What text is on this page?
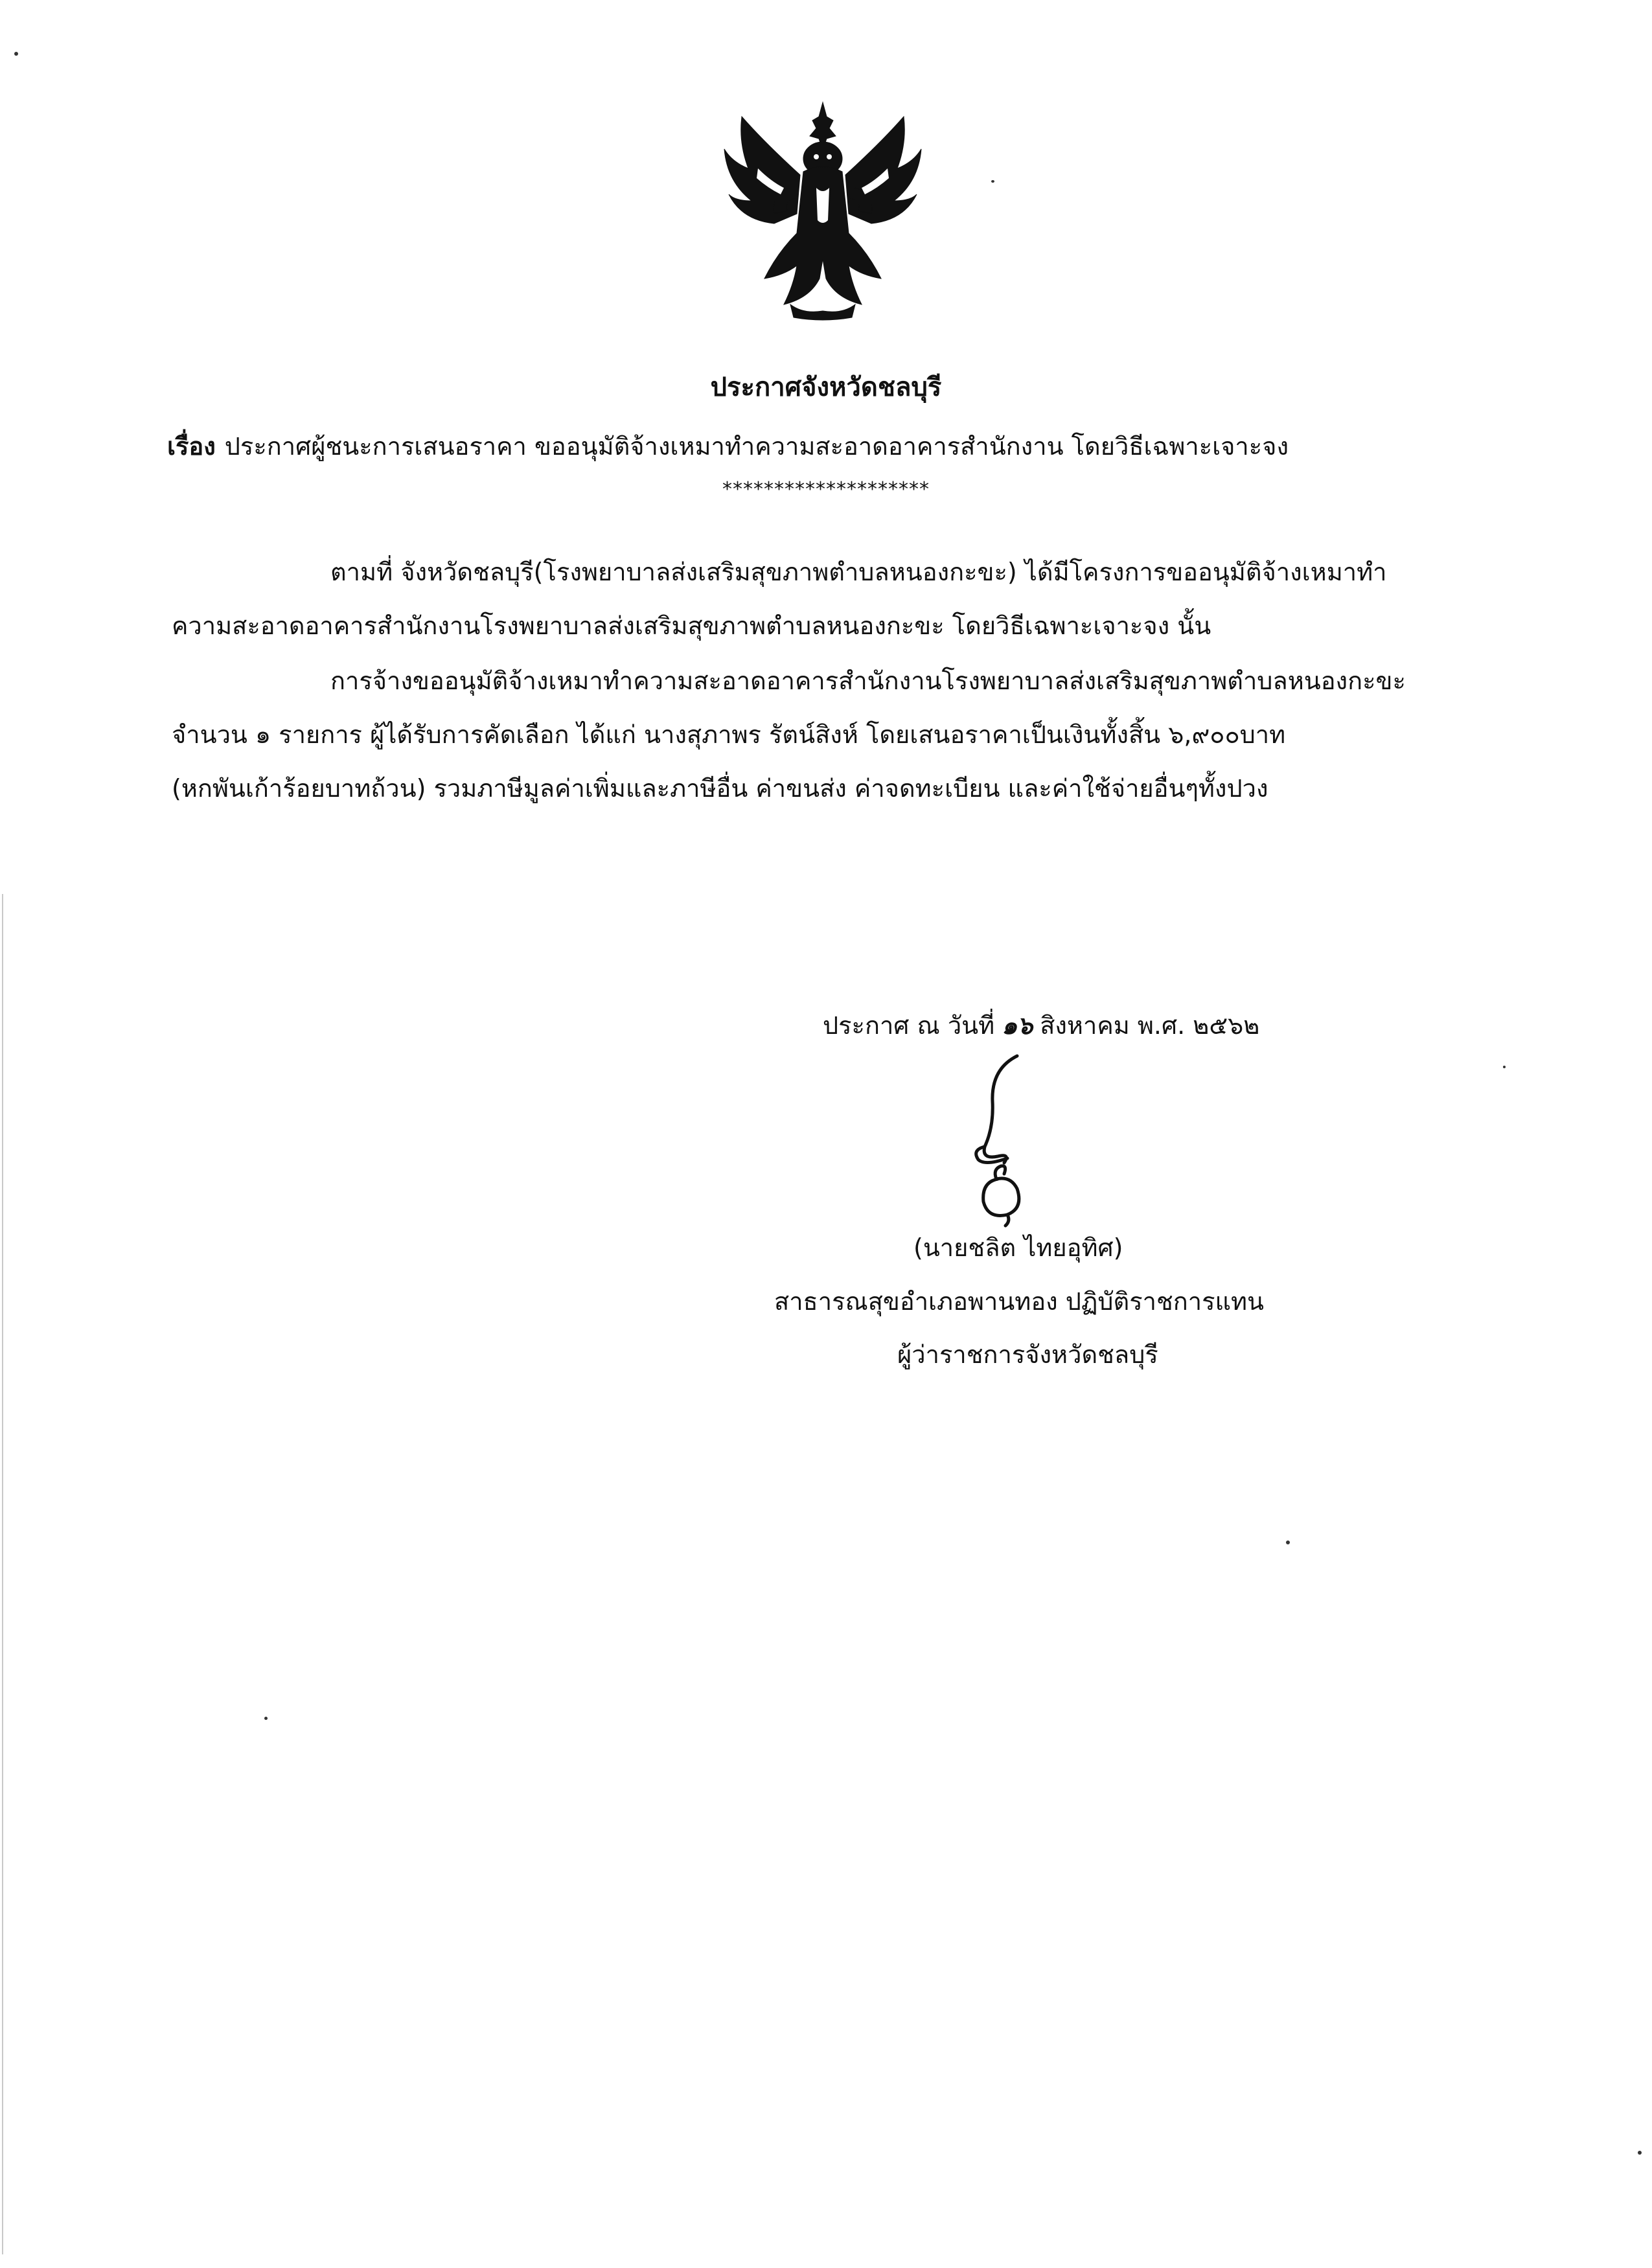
ประกาศจังหวัดชลบุรี
เรื่อง ประกาศผู้ชนะการเสนอราคา ขออนุมัติจ้างเหมาทำความสะอาดอาคารสำนักงาน โดยวิธีเฉพาะเจาะจง
********************
ตามที่ จังหวัดชลบุรี(โรงพยาบาลส่งเสริมสุขภาพตำบลหนองกะขะ) ได้มีโครงการขออนุมัติจ้างเหมาทำ
ความสะอาดอาคารสำนักงานโรงพยาบาลส่งเสริมสุขภาพตำบลหนองกะขะ โดยวิธีเฉพาะเจาะจง นั้น
การจ้างขออนุมัติจ้างเหมาทำความสะอาดอาคารสำนักงานโรงพยาบาลส่งเสริมสุขภาพตำบลหนองกะขะ
จำนวน ๑ รายการ ผู้ได้รับการคัดเลือก ได้แก่ นางสุภาพร รัตน์สิงห์ โดยเสนอราคาเป็นเงินทั้งสิ้น ๖,๙๐๐บาท
(หกพันเก้าร้อยบาทถ้วน) รวมภาษีมูลค่าเพิ่มและภาษีอื่น ค่าขนส่ง ค่าจดทะเบียน และค่าใช้จ่ายอื่นๆทั้งปวง
ประกาศ ณ วันที่ ๑๖ สิงหาคม พ.ศ. ๒๕๖๒
(นายชลิต ไทยอุทิศ)
สาธารณสุขอำเภอพานทอง ปฏิบัติราชการแทน
ผู้ว่าราชการจังหวัดชลบุรี
